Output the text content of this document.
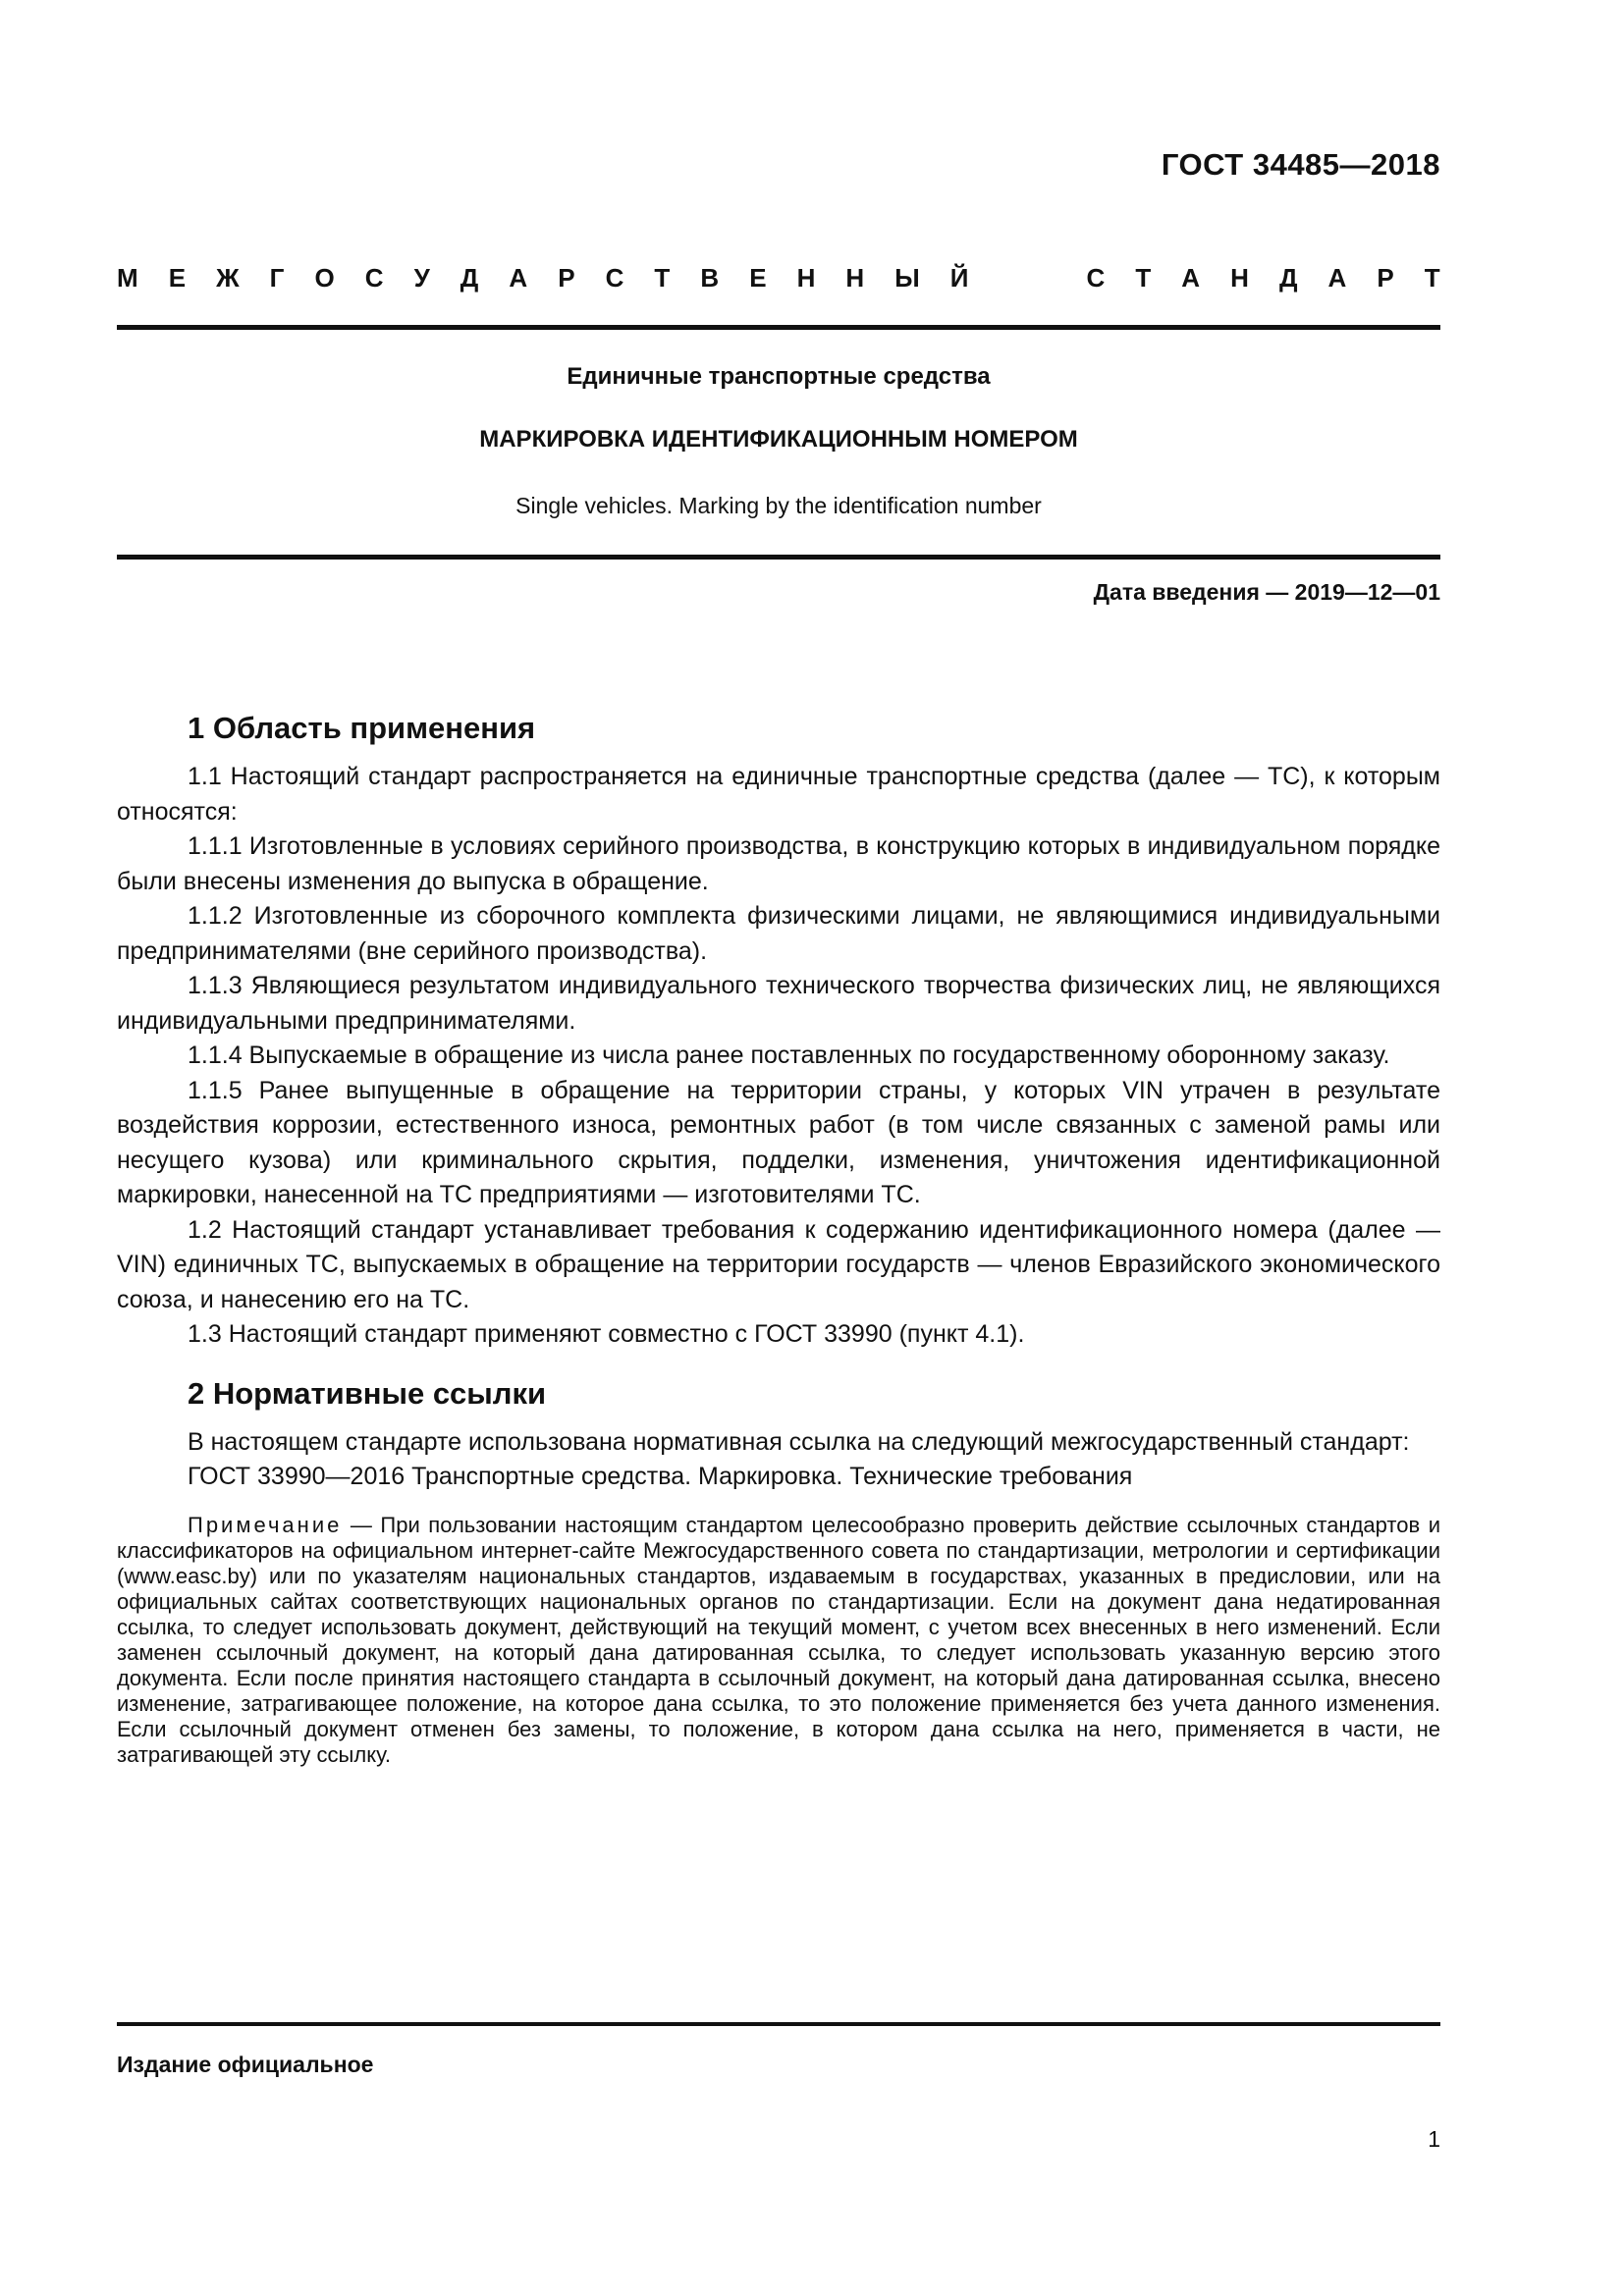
ГОСТ 34485—2018
М Е Ж Г О С У Д А Р С Т В Е Н Н Ы Й	С Т А Н Д А Р Т
Единичные транспортные средства
МАРКИРОВКА ИДЕНТИФИКАЦИОННЫМ НОМЕРОМ
Single vehicles. Marking by the identification number
Дата введения — 2019—12—01
1 Область применения

1.1 Настоящий стандарт распространяется на единичные транспортные средства (далее — ТС), к которым относятся:

1.1.1 Изготовленные в условиях серийного производства, в конструкцию которых в индивидуальном порядке были внесены изменения до выпуска в обращение.

1.1.2 Изготовленные из сборочного комплекта физическими лицами, не являющимися индивидуальными предпринимателями (вне серийного производства).

1.1.3 Являющиеся результатом индивидуального технического творчества физических лиц, не являющихся индивидуальными предпринимателями.

1.1.4 Выпускаемые в обращение из числа ранее поставленных по государственному оборонному заказу.

1.1.5 Ранее выпущенные в обращение на территории страны, у которых VIN утрачен в результате воздействия коррозии, естественного износа, ремонтных работ (в том числе связанных с заменой рамы или несущего кузова) или криминального скрытия, подделки, изменения, уничтожения идентификационной маркировки, нанесенной на ТС предприятиями — изготовителями ТС.

1.2 Настоящий стандарт устанавливает требования к содержанию идентификационного номера (далее — VIN) единичных ТС, выпускаемых в обращение на территории государств — членов Евразийского экономического союза, и нанесению его на ТС.

1.3 Настоящий стандарт применяют совместно с ГОСТ 33990 (пункт 4.1).

2 Нормативные ссылки

В настоящем стандарте использована нормативная ссылка на следующий межгосударственный стандарт:

ГОСТ 33990—2016 Транспортные средства. Маркировка. Технические требования

Примечание — При пользовании настоящим стандартом целесообразно проверить действие ссылочных стандартов и классификаторов на официальном интернет-сайте Межгосударственного совета по стандартизации, метрологии и сертификации (www.easc.by) или по указателям национальных стандартов, издаваемым в государствах, указанных в предисловии, или на официальных сайтах соответствующих национальных органов по стандартизации. Если на документ дана недатированная ссылка, то следует использовать документ, действующий на текущий момент, с учетом всех внесенных в него изменений. Если заменен ссылочный документ, на который дана датированная ссылка, то следует использовать указанную версию этого документа. Если после принятия настоящего стандарта в ссылочный документ, на который дана датированная ссылка, внесено изменение, затрагивающее положение, на которое дана ссылка, то это положение применяется без учета данного изменения. Если ссылочный документ отменен без замены, то положение, в котором дана ссылка на него, применяется в части, не затрагивающей эту ссылку.

Издание официальное
1
